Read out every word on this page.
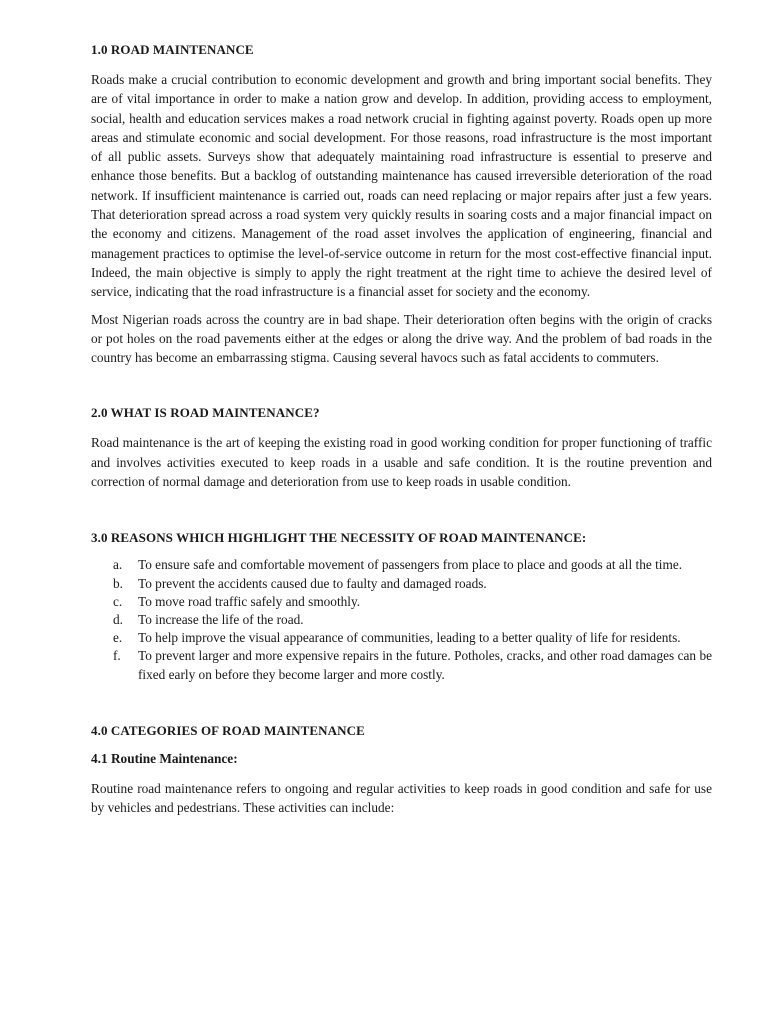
1.0 ROAD MAINTENANCE

Roads make a crucial contribution to economic development and growth and bring important social benefits. They are of vital importance in order to make a nation grow and develop. In addition, providing access to employment, social, health and education services makes a road network crucial in fighting against poverty. Roads open up more areas and stimulate economic and social development. For those reasons, road infrastructure is the most important of all public assets. Surveys show that adequately maintaining road infrastructure is essential to preserve and enhance those benefits. But a backlog of outstanding maintenance has caused irreversible deterioration of the road network. If insufficient maintenance is carried out, roads can need replacing or major repairs after just a few years. That deterioration spread across a road system very quickly results in soaring costs and a major financial impact on the economy and citizens. Management of the road asset involves the application of engineering, financial and management practices to optimise the level-of-service outcome in return for the most cost-effective financial input. Indeed, the main objective is simply to apply the right treatment at the right time to achieve the desired level of service, indicating that the road infrastructure is a financial asset for society and the economy.

Most Nigerian roads across the country are in bad shape. Their deterioration often begins with the origin of cracks or pot holes on the road pavements either at the edges or along the drive way. And the problem of bad roads in the country has become an embarrassing stigma. Causing several havocs such as fatal accidents to commuters.

2.0 WHAT IS ROAD MAINTENANCE?

Road maintenance is the art of keeping the existing road in good working condition for proper functioning of traffic and involves activities executed to keep roads in a usable and safe condition. It is the routine prevention and correction of normal damage and deterioration from use to keep roads in usable condition.

3.0 REASONS WHICH HIGHLIGHT THE NECESSITY OF ROAD MAINTENANCE:
a. To ensure safe and comfortable movement of passengers from place to place and goods at all the time.
b. To prevent the accidents caused due to faulty and damaged roads.
c. To move road traffic safely and smoothly.
d. To increase the life of the road.
e. To help improve the visual appearance of communities, leading to a better quality of life for residents.
f. To prevent larger and more expensive repairs in the future. Potholes, cracks, and other road damages can be fixed early on before they become larger and more costly.
4.0 CATEGORIES OF ROAD MAINTENANCE
4.1 Routine Maintenance:

Routine road maintenance refers to ongoing and regular activities to keep roads in good condition and safe for use by vehicles and pedestrians. These activities can include:
